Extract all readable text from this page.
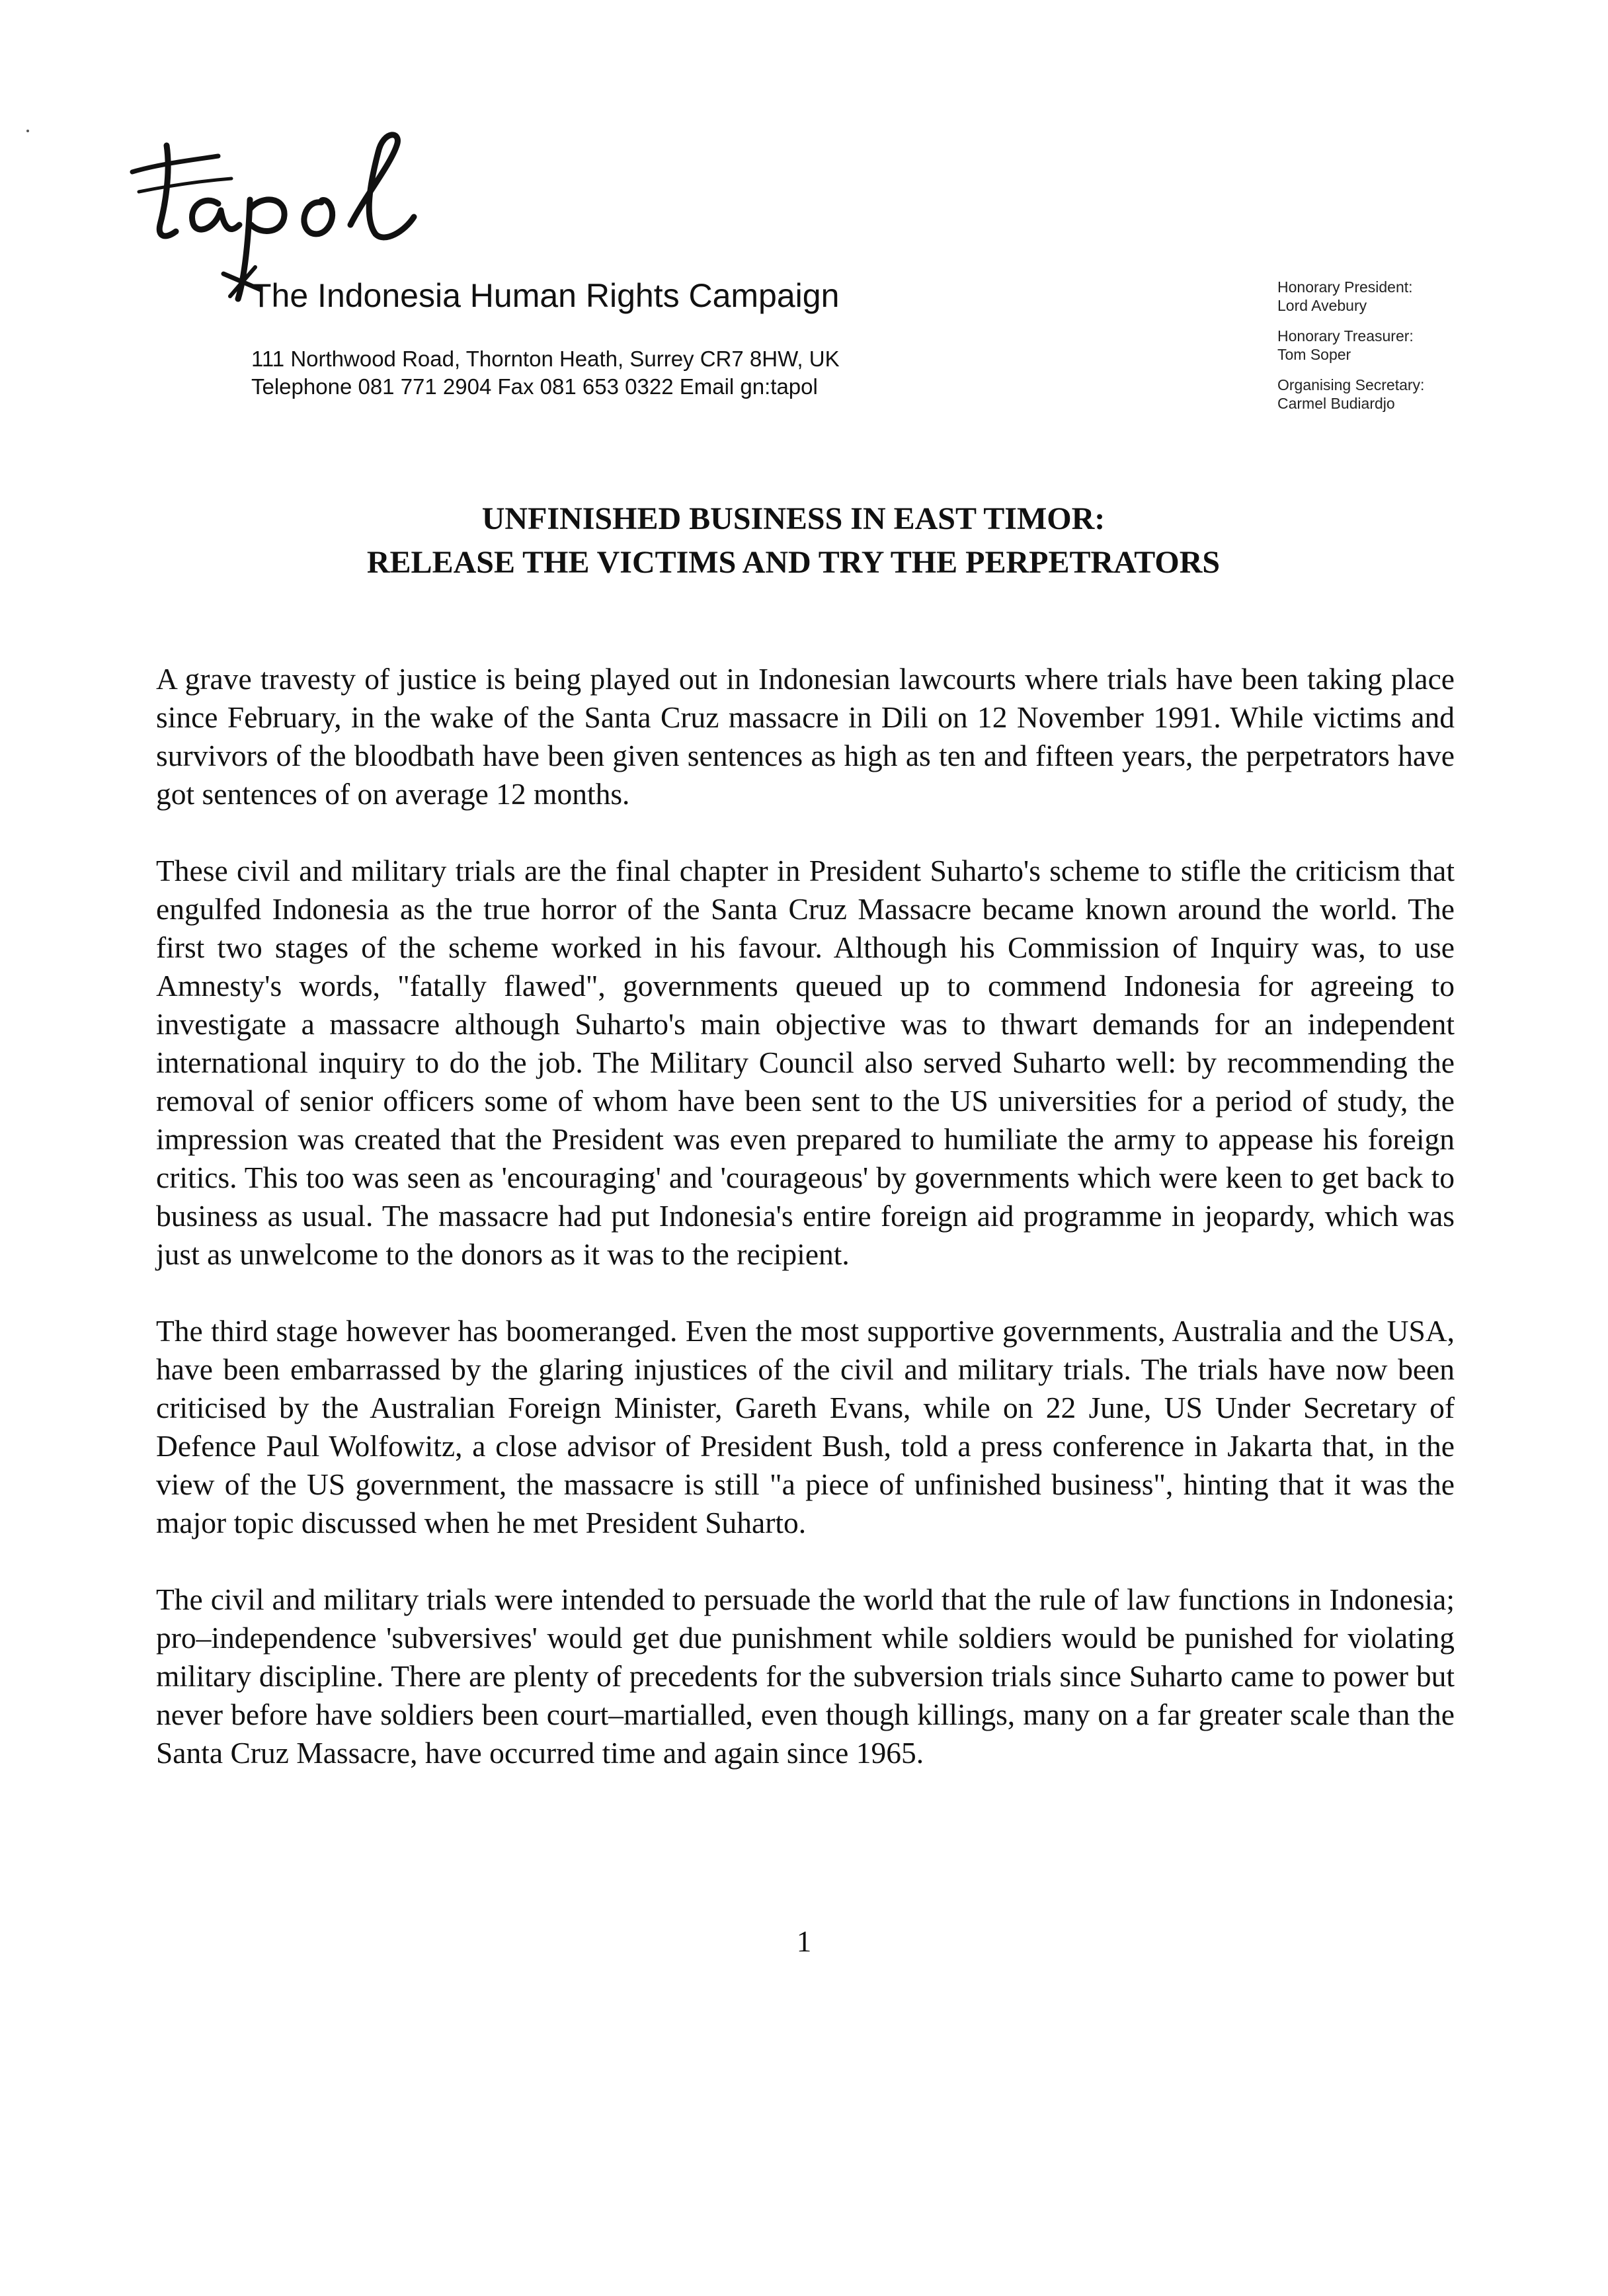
The Indonesia Human Rights Campaign
111 Northwood Road, Thornton Heath, Surrey CR7 8HW, UK
Telephone 081 771 2904 Fax 081 653 0322 Email gn:tapol
Honorary President:
Lord Avebury
Honorary Treasurer:
Tom Soper
Organising Secretary:
Carmel Budiardjo
UNFINISHED BUSINESS IN EAST TIMOR:
RELEASE THE VICTIMS AND TRY THE PERPETRATORS

A grave travesty of justice is being played out in Indonesian lawcourts where trials have been taking place since February, in the wake of the Santa Cruz massacre in Dili on 12 November 1991. While victims and survivors of the bloodbath have been given sentences as high as ten and fifteen years, the perpetrators have got sentences of on average 12 months.

These civil and military trials are the final chapter in President Suharto's scheme to stifle the criticism that engulfed Indonesia as the true horror of the Santa Cruz Massacre became known around the world. The first two stages of the scheme worked in his favour. Although his Commission of Inquiry was, to use Amnesty's words, "fatally flawed", governments queued up to commend Indonesia for agreeing to investigate a massacre although Suharto's main objective was to thwart demands for an independent international inquiry to do the job. The Military Council also served Suharto well: by recommending the removal of senior officers some of whom have been sent to the US universities for a period of study, the impression was created that the President was even prepared to humiliate the army to appease his foreign critics. This too was seen as 'encouraging' and 'courageous' by governments which were keen to get back to business as usual. The massacre had put Indonesia's entire foreign aid programme in jeopardy, which was just as unwelcome to the donors as it was to the recipient.

The third stage however has boomeranged. Even the most supportive governments, Australia and the USA, have been embarrassed by the glaring injustices of the civil and military trials. The trials have now been criticised by the Australian Foreign Minister, Gareth Evans, while on 22 June, US Under Secretary of Defence Paul Wolfowitz, a close advisor of President Bush, told a press conference in Jakarta that, in the view of the US government, the massacre is still "a piece of unfinished business", hinting that it was the major topic discussed when he met President Suharto.

The civil and military trials were intended to persuade the world that the rule of law functions in Indonesia; pro–independence 'subversives' would get due punishment while soldiers would be punished for violating military discipline. There are plenty of precedents for the subversion trials since Suharto came to power but never before have soldiers been court–martialled, even though killings, many on a far greater scale than the Santa Cruz Massacre, have occurred time and again since 1965.

1
